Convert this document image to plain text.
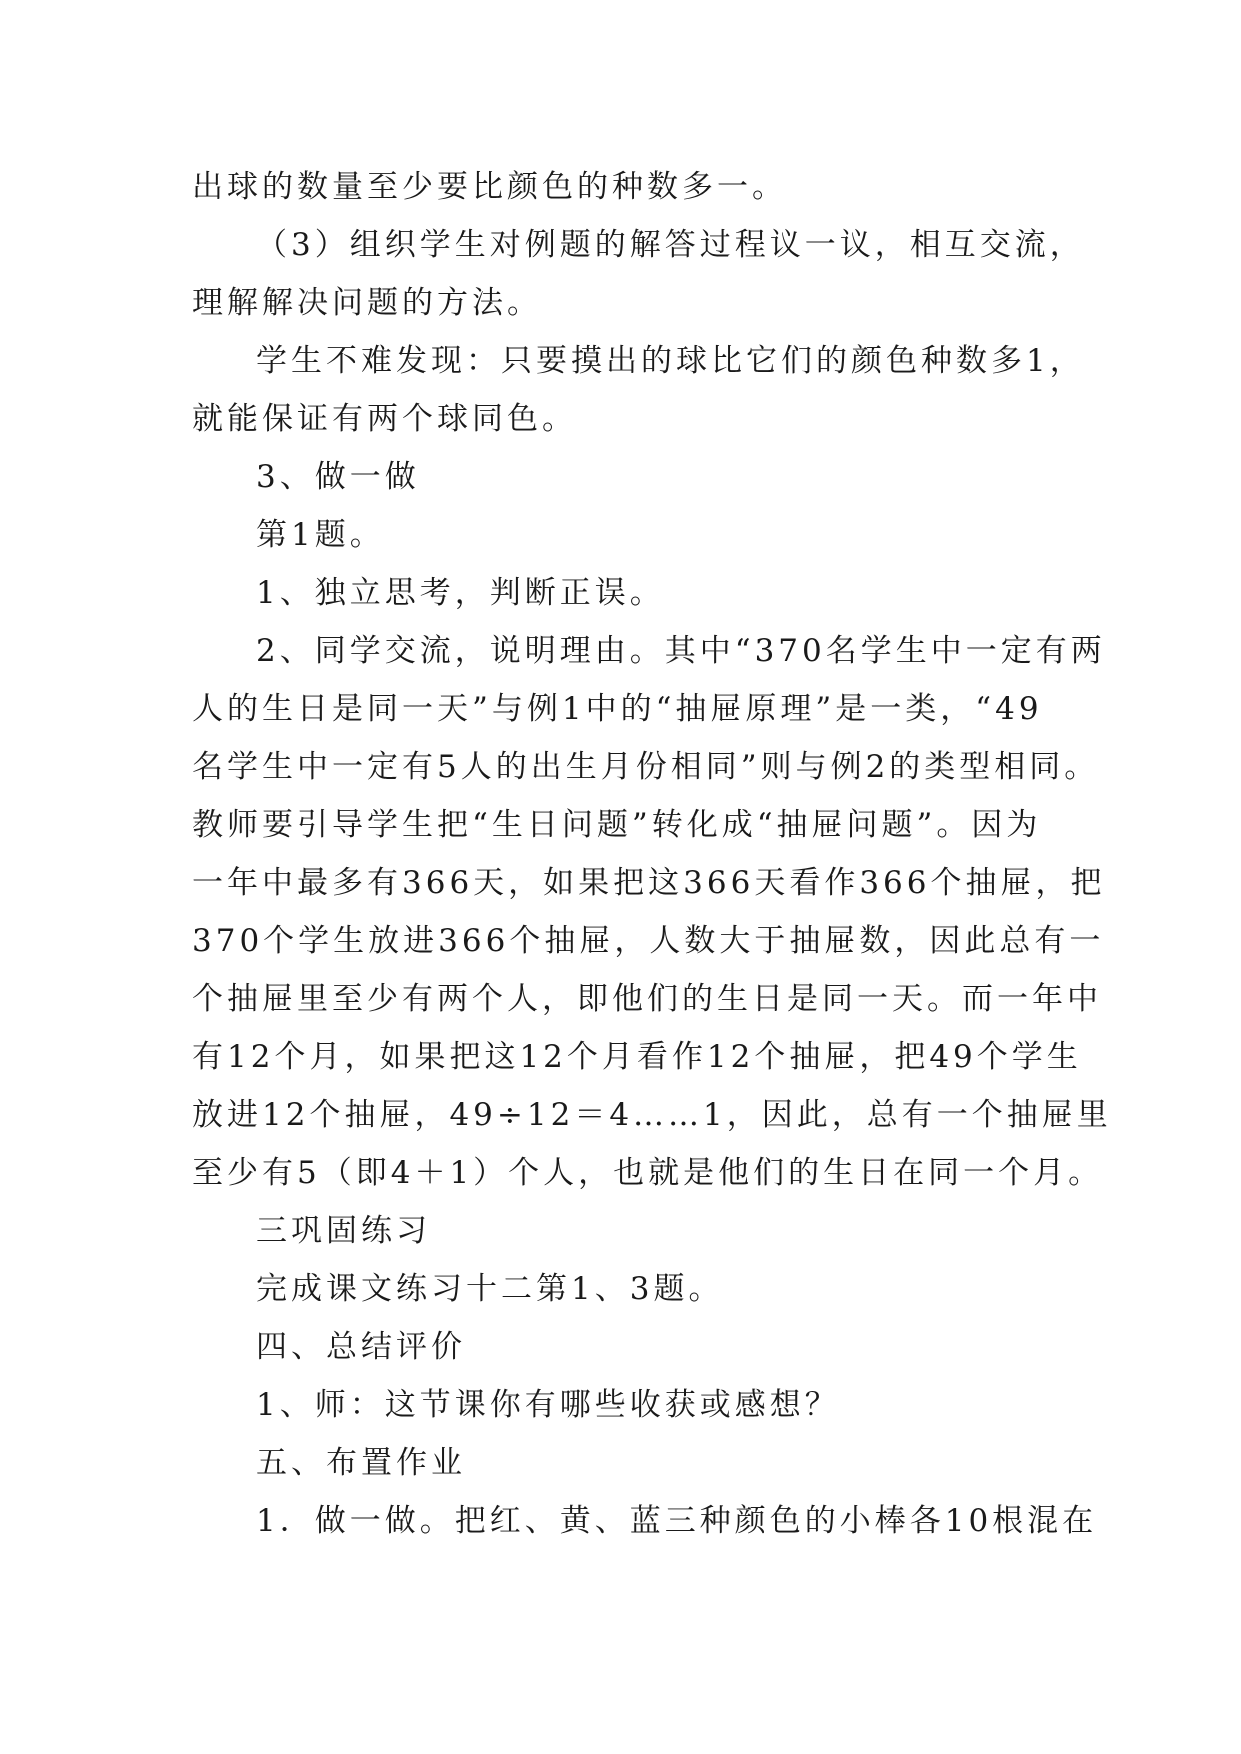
出球的数量至少要比颜色的种数多一。
（3）组织学生对例题的解答过程议一议，相互交流，
理解解决问题的方法。
学生不难发现：只要摸出的球比它们的颜色种数多1，
就能保证有两个球同色。
3、做一做
第1题。
1、独立思考，判断正误。
2、同学交流，说明理由。其中“370名学生中一定有两
人的生日是同一天”与例1中的“抽屉原理”是一类，“49
名学生中一定有5人的出生月份相同”则与例2的类型相同。
教师要引导学生把“生日问题”转化成“抽屉问题”。因为
一年中最多有366天，如果把这366天看作366个抽屉，把
370个学生放进366个抽屉，人数大于抽屉数，因此总有一
个抽屉里至少有两个人，即他们的生日是同一天。而一年中
有12个月，如果把这12个月看作12个抽屉，把49个学生
放进12个抽屉，49÷12＝4……1，因此，总有一个抽屉里
至少有5（即4＋1）个人，也就是他们的生日在同一个月。
三巩固练习
完成课文练习十二第1、3题。
四、总结评价
1、师：这节课你有哪些收获或感想？
五、布置作业
1．做一做。把红、黄、蓝三种颜色的小棒各10根混在
